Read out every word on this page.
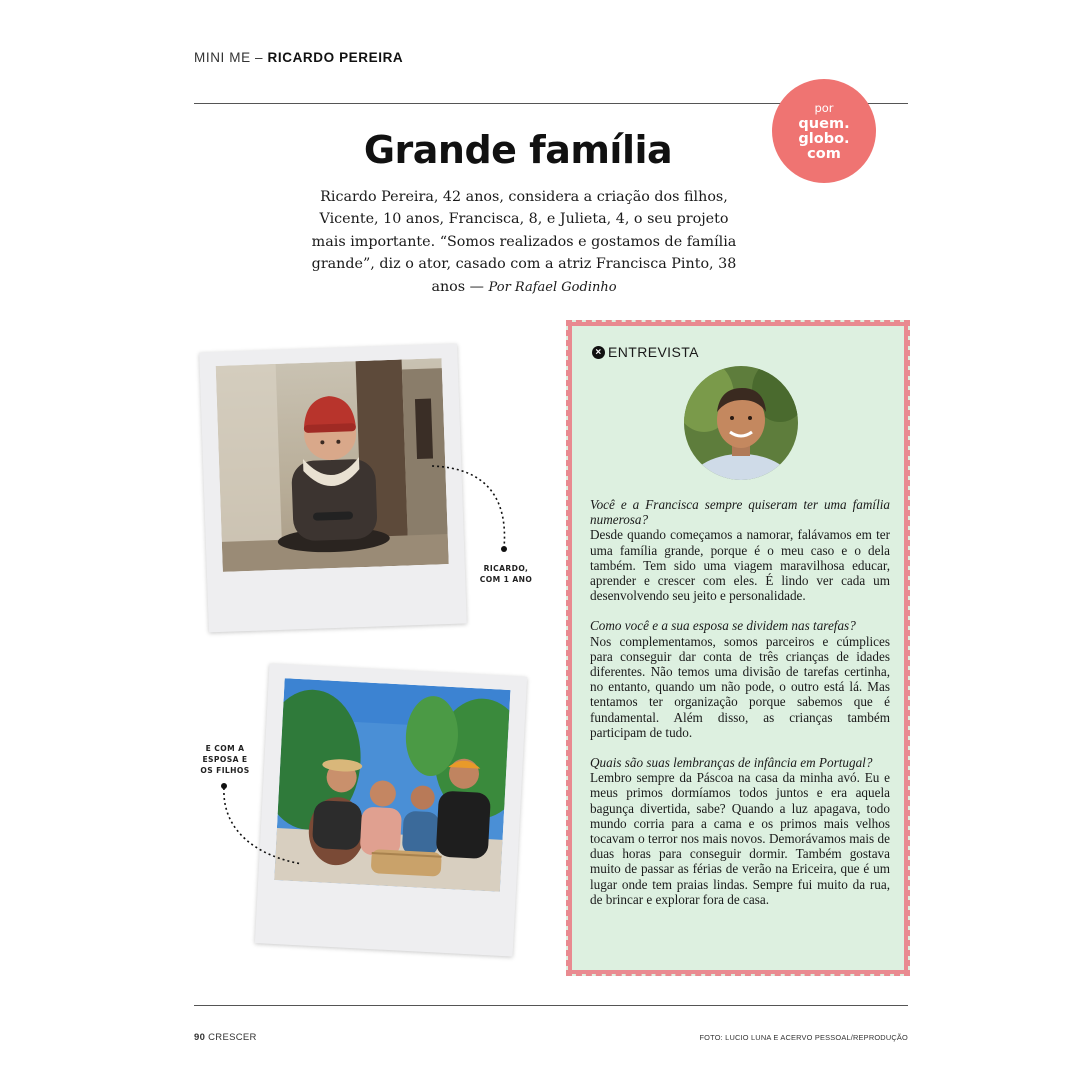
MINI ME – RICARDO PEREIRA
por
quem.
globo.
com
Grande família
Ricardo Pereira, 42 anos, considera a criação dos filhos, Vicente, 10 anos, Francisca, 8, e Julieta, 4, o seu projeto mais importante. “Somos realizados e gostamos de família grande”, diz o ator, casado com a atriz Francisca Pinto, 38 anos — Por Rafael Godinho
RICARDO,
COM 1 ANO
E COM A
ESPOSA E
OS FILHOS
× ENTREVISTA

Você e a Francisca sempre quiseram ter uma família numerosa?
Desde quando começamos a namorar, falávamos em ter uma família grande, porque é o meu caso e o dela também. Tem sido uma viagem maravilhosa educar, aprender e crescer com eles. É lindo ver cada um desenvolvendo seu jeito e personalidade.

Como você e a sua esposa se dividem nas tarefas?
Nos complementamos, somos parceiros e cúmplices para conseguir dar conta de três crianças de idades diferentes. Não temos uma divisão de tarefas certinha, no entanto, quando um não pode, o outro está lá. Mas tentamos ter organização porque sabemos que é fundamental. Além disso, as crianças também participam de tudo.

Quais são suas lembranças de infância em Portugal?
Lembro sempre da Páscoa na casa da minha avó. Eu e meus primos dormíamos todos juntos e era aquela bagunça divertida, sabe? Quando a luz apagava, todo mundo corria para a cama e os primos mais velhos tocavam o terror nos mais novos. Demorávamos mais de duas horas para conseguir dormir. Também gostava muito de passar as férias de verão na Ericeira, que é um lugar onde tem praias lindas. Sempre fui muito da rua, de brincar e explorar fora de casa.

90 CRESCER	FOTO: LUCIO LUNA E ACERVO PESSOAL/REPRODUÇÃO
